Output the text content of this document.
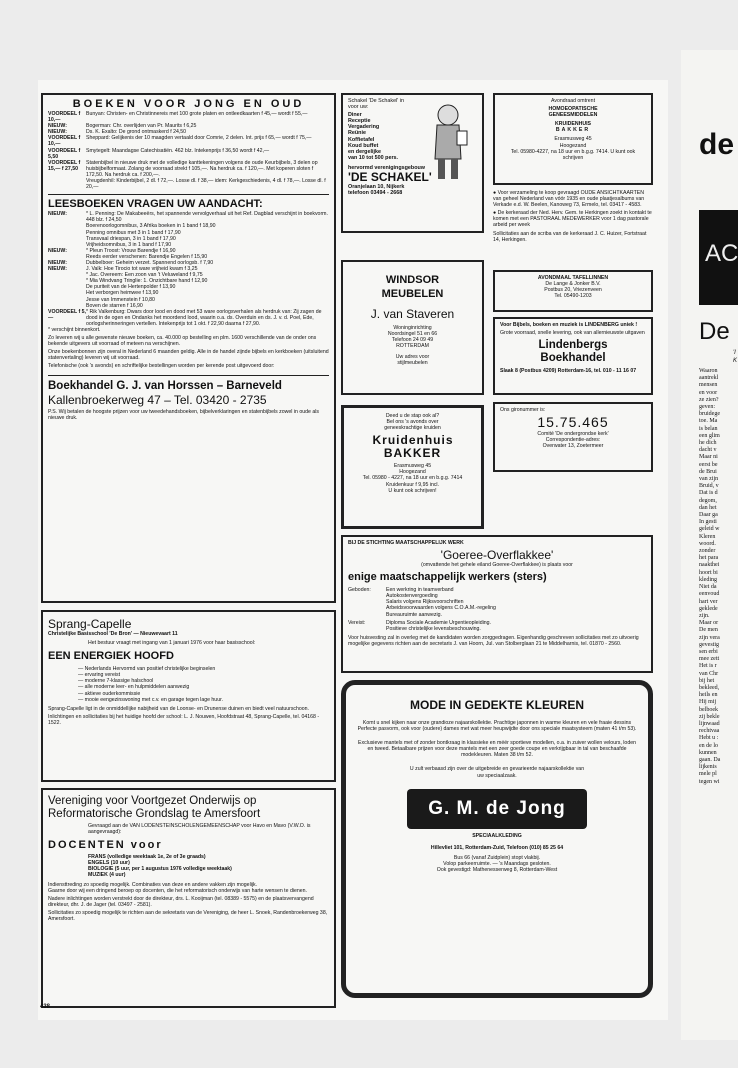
BOEKEN VOOR JONG EN OUD
VOORDEEL f 10,—
Bunyan: Christen- en Christinnereis met 100 grote platen en ontleedkaarten f 45,— wordt f 55,—
NIEUW:	Bogerman: Chr. overlijden van Pr. Maurits f 6,25
NIEUW:	Ds. K. Exalto: De grond ontmaskerd f 24,50
VOORDEEL f 10,—
Sheppard: Gelijkenis der 10 maagden vertaald door Comrie, 2 delen. Int. prijs f 65,— wordt f 75,—
VOORDEEL f 5,50
Smytegelt: Maandagse Catechisatiën. 462 blz. Intekenprijs f 36,50 wordt f 42,—
VOORDEEL f 15,— f 27,50
Statenbijbel in nieuwe druk met de volledige kanttekeningen volgens de oude Keurbijbels, 3 delen op huisbijbelformaat. Zolang de voorraad strekt f 105,—. Na herdruk ca. f 120,—. Met koperen sloten f 172,50. Na herdruk ca. f 200,—.
Vreugdenhil: Kinderbijbel, 2 dl. f 72,—. Losse dl. f 38,— idem: Kerkgeschiedenis, 4 dl. f 78,—. Losse dl. f 20,—
LEESBOEKEN VRAGEN UW AANDACHT:
NIEUW:	* L. Penning: De Makabeeërs, het spannende vervolgverhaal uit het Ref. Dagblad verschijnt in boekvorm. 448 blz. f 24,50
Boerenoorlogomnibus, 3 Afrika boeken in 1 band f 18,90
Penning omnibus met 3 in 1 band f 17,90
Transvaal driespan, 3 in 1 band f 17,90
Vrijheidsomnibus, 3 in 1 band f 17,90
NIEUW:	* Pleun Troost: Vrouw Barendje f 16,90
Reeds eerder verschenen: Barendje Engelen f 15,90
NIEUW:	Dubbelboer: Geheim verzet. Spannend oorlogsb. f 7,90
NIEUW:	J. Valk: Hoe Tirocio tot ware vrijheid kwam f 3,25
* Jac. Overeem: Een zoon van 't Veluweland f 9,75
* Mia Windvang Tringlie: 1. Onzichtbare hand f 12,90
De puriteit van de Hertenpolder f 13,90
Het verborgen heimwee f 13,90
Jesse van Immenstein f 10,80
Boven de starren f 16,90
VOORDEEL f 5,—
* Rik Valkenburg: Dwars door lood en dood met 53 ware oorlogsverhalen als herdruk van: Zij zagen de dood in de ogen en Ondanks het moordend lood, waarin o.a. ds. Overduin en ds. J. v. d. Poel, Ede, oorlogsherinneringen vertellen. Intekenprijs tot 1 okt. f 22,90 daarna f 27,90.
* verschijnt binnenkort.
Zo leveren wij u alle gewenste nieuwe boeken, ca. 40.000 op bestelling en plm. 1600 verschillende van de onder ons bekende uitgevers uit voorraad of meteen na verschijnen.
Onze boekenbonnen zijn overal in Nederland 6 maanden geldig. Alle in de handel zijnde bijbels en kerkboeken (uitsluitend statenvertaling) leveren wij uit voorraad.
Telefonische (ook 's avonds) en schriftelijke bestellingen worden per kerende post uitgevoerd door:
Boekhandel G. J. van Horssen – Barneveld
Kallenbroekerweg 47 – Tel. 03420 - 2735
P.S. Wij betalen de hoogste prijzen voor uw tweedehandsboeken, bijbelverklaringen en statenbijbels zowel in oude als nieuwe druk.
Sprang-Capelle
Christelijke Basisschool 'De Bron' — Nieuwevaart 11
Het bestuur vraagt met ingang van 1 januari 1976 voor haar basisschool:
EEN ENERGIEK HOOFD
— Nederlands Hervormd van positief christelijke beginselen
— ervaring vereist
— moderne 7-klassige halschool
— alle moderne leer- en hulpmiddelen aanwezig
— aktieve ouderkommissie
— mooie eengezinswoning met c.v. en garage tegen lage huur.
Sprang-Capelle ligt in de onmiddellijke nabijheid van de Loonse- en Drunense duinen en biedt veel natuurschoon.
Inlichtingen en sollicitaties bij het huidige hoofd der school: L. J. Nouwen, Hoofdstraat 48, Sprang-Capelle, tel. 04168 - 1522.
Vereniging voor Voortgezet Onderwijs op Reformatorische Grondslag te Amersfoort
Gevraagd aan de VAN LODENSTEINSCHOLENGEMEENSCHAP voor Havo en Mavo (V.W.O. is aangevraagd):
DOCENTEN voor
FRANS (volledige weektaak 1e, 2e of 3e graads)
ENGELS (10 uur)
BIOLOGIE (5 uur, per 1 augustus 1976 volledige weektaak)
MUZIEK (4 uur)
Indiensttreding zo spoedig mogelijk. Combinaties van deze en andere vakken zijn mogelijk.
Gaarne door wij een dringend beroep op docenten, die het reformatorisch onderwijs van harte wensen te dienen.
Nadere inlichtingen worden verstrekt door de direkteur, drs. L. Kooijman (tel. 08389 - 5575) en de plaatsvervangend direkteur, dhr. J. de Jager (tel. 03497 - 2581).
Sollicitaties zo spoedig mogelijk te richten aan de sekretaris van de Vereniging, de heer L. Snoek, Randenbroekerweg 38, Amersfoort.
438
Schakel 'De Schakel' in voor uw:
Diner
Receptie
Vergadering
Reünie
Koffietafel
Koud buffet
en dergelijke
van 10 tot 500 pers.
hervormd verenigingsgebouw
'DE SCHAKEL'
Oranjelaan 10, Nijkerk
telefoon 03494 - 2668
WINDSOR MEUBELEN
J. van Staveren
Woninginrichting
Noordsingel 51 en 66
Telefoon 24 09 49
ROTTERDAM
Uw adres voor
stijlmeubelen
Deed u de stap ook al?
Bel ons 's avonds over
geneeskrachtige kruiden
Kruidenhuis BAKKER
Erasmusweg 45
Hoogezand
Tel. 05980 - 4227, na 18 uur en b.g.g. 7414
Kruidenkuur f 9,95 incl.
U kunt ook schrijven!
Avondraad omtrent
HOMOEOPATISCHE GENEESMIDDELEN
KRUIDENHUIS
BAKKER
Erasmusweg 45
Hoogezand
Tel. 05980-4227, na 18 uur en b.g.g. 7414. U kunt ook schrijven
● Voor verzameling te koop gevraagd OUDE ANSICHTKAARTEN van geheel Nederland van vóór 1935 en oude plaatjesalbums van Verkade e.d. W. Beelen, Kanoweg 73, Ermelo, tel. 03417 - 4583.
● De kerkeraad der Ned. Herv. Gem. te Herkingen zoekt in kontakt te komen met een PASTORAAL MEDEWERKER voor 1 dag pastorale arbeid per week
Sollicitaties aan de scriba van de kerkeraad J. C. Huizer, Fortstraat 14, Herkingen.
AVONDMAAL TAFELLINNEN
De Lange & Jonker B.V.
Postbus 20, Vriezenveen
Tel. 05490-1203
Voor Bijbels, boeken en muziek is LINDENBERG uniek !
Grote voorraad, snelle levering, ook van allernieuwste uitgaven
Lindenbergs Boekhandel
Slaak 8 (Postbus 4209) Rotterdam-16, tel. 010 - 11 16 07
Ons gironummer is:
15.75.465
Comité 'De ondergrondse kerk'
Correspondentie-adres:
Overwater 13, Zoetermeer
BIJ DE STICHTING MAATSCHAPPELIJK WERK
'Goeree-Overflakkee'
(omvattende het gehele eiland Goeree-Overflakkee) is plaats voor
enige maatschappelijk werkers (sters)
Geboden:	Een werkring in teamverband
Autokostenvergoeding
Salaris volgens Rijksvoorschriften
Arbeidsvoorwaarden volgens C.O.A.M.-regeling
Bureauruimte aanwezig.
Vereist:	Diploma Sociale Academie Urgentieopleiding.
Positieve christelijke levensbeschouwing.
Voor huisvesting zal in overleg met de kandidaten worden zorggedragen. Eigenhandig geschreven sollicitaties met zo uitvoerig mogelijke gegevens richten aan de secretaris J. van Hoorn, Jul. van Stolberglaan 21 te Middelharnis, tel. 01870 - 2560.
MODE IN GEDEKTE KLEUREN
Komt u snel kijken naar onze grandioze najaarskollektie. Prachtige japonnen in warme kleuren en vele fraaie dessins Perfecte pasvorm, ook voor (oudere) dames met wat meer heupwijdte door ons speciale maatsysteem (maten 41 t/m 53).
Exclusieve mantels met of zonder bontkraag in klassieke en méér sportieve modellen, o.a. in zuiver wollen velours, loden en tweed. Betaalbare prijzen voor deze mantels met een zeer goede coupe en verkrijgbaar in tal van beschaafde modekleuren. Maten 38 t/m 52.
U zult verbaasd zijn over de uitgebreide en gevarieerde najaarskollektie van uw speciaalzaak.
G. M. de Jong
SPECIAALKLEDING
Hillevliet 101, Rotterdam-Zuid, Telefoon (010) 85 25 64
Bus 66 (vanaf Zuidplein) stopt vlakbij.
Volop parkeerruimte. — 's Maandags gesloten.
Ook gevestigd: Mathenesserweg 8, Rotterdam-West
de
AC
De
'I
K
Waaron
aantrekl
mensen
en voor
ze zien?
geven:
bruidege
toe. Ma
is belan
een glim
he dich
dacht v
Maar ni
eerst be
de Brui
van zijn
Bruid, v
Dat is d
degom,
dan het
Daar ga
In gesti
geleid w
Kleren
woord.
zonder
het para
naakthei
hoort bi
kleding
Niet da
eenvoud
hart ver
geklede
zijn.
Maar or
De men
zijn vera
gevestig
sen erbi
mee zett
Het is r
van Chr
bij het
bekleed,
heils en
Hij mij
belboek
zij bekle
lijnwaad
rechtvaa
Hebt u :
en de lo
kunnen
gaan. Da
lijkenis
mele pl
tegen wi
